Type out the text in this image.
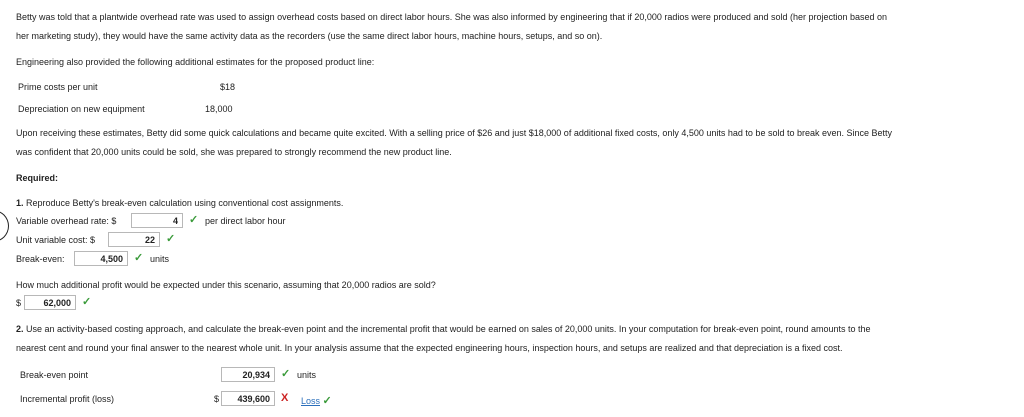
Betty was told that a plantwide overhead rate was used to assign overhead costs based on direct labor hours. She was also informed by engineering that if 20,000 radios were produced and sold (her projection based on
her marketing study), they would have the same activity data as the recorders (use the same direct labor hours, machine hours, setups, and so on).
Engineering also provided the following additional estimates for the proposed product line:
Prime costs per unit	$18
Depreciation on new equipment	18,000
Upon receiving these estimates, Betty did some quick calculations and became quite excited. With a selling price of $26 and just $18,000 of additional fixed costs, only 4,500 units had to be sold to break even. Since Betty
was confident that 20,000 units could be sold, she was prepared to strongly recommend the new product line.
Required:
1. Reproduce Betty's break-even calculation using conventional cost assignments.
Variable overhead rate: $	4	✓ per direct labor hour
Unit variable cost: $	22	✓
Break-even:	4,500	✓ units
How much additional profit would be expected under this scenario, assuming that 20,000 radios are sold?
$	62,000	✓
2. Use an activity-based costing approach, and calculate the break-even point and the incremental profit that would be earned on sales of 20,000 units. In your computation for break-even point, round amounts to the
nearest cent and round your final answer to the nearest whole unit. In your analysis assume that the expected engineering hours, inspection hours, and setups are realized and that depreciation is a fixed cost.
Break-even point	20,934	✓ units
Incremental profit (loss)	$	439,600	X Loss ✓
